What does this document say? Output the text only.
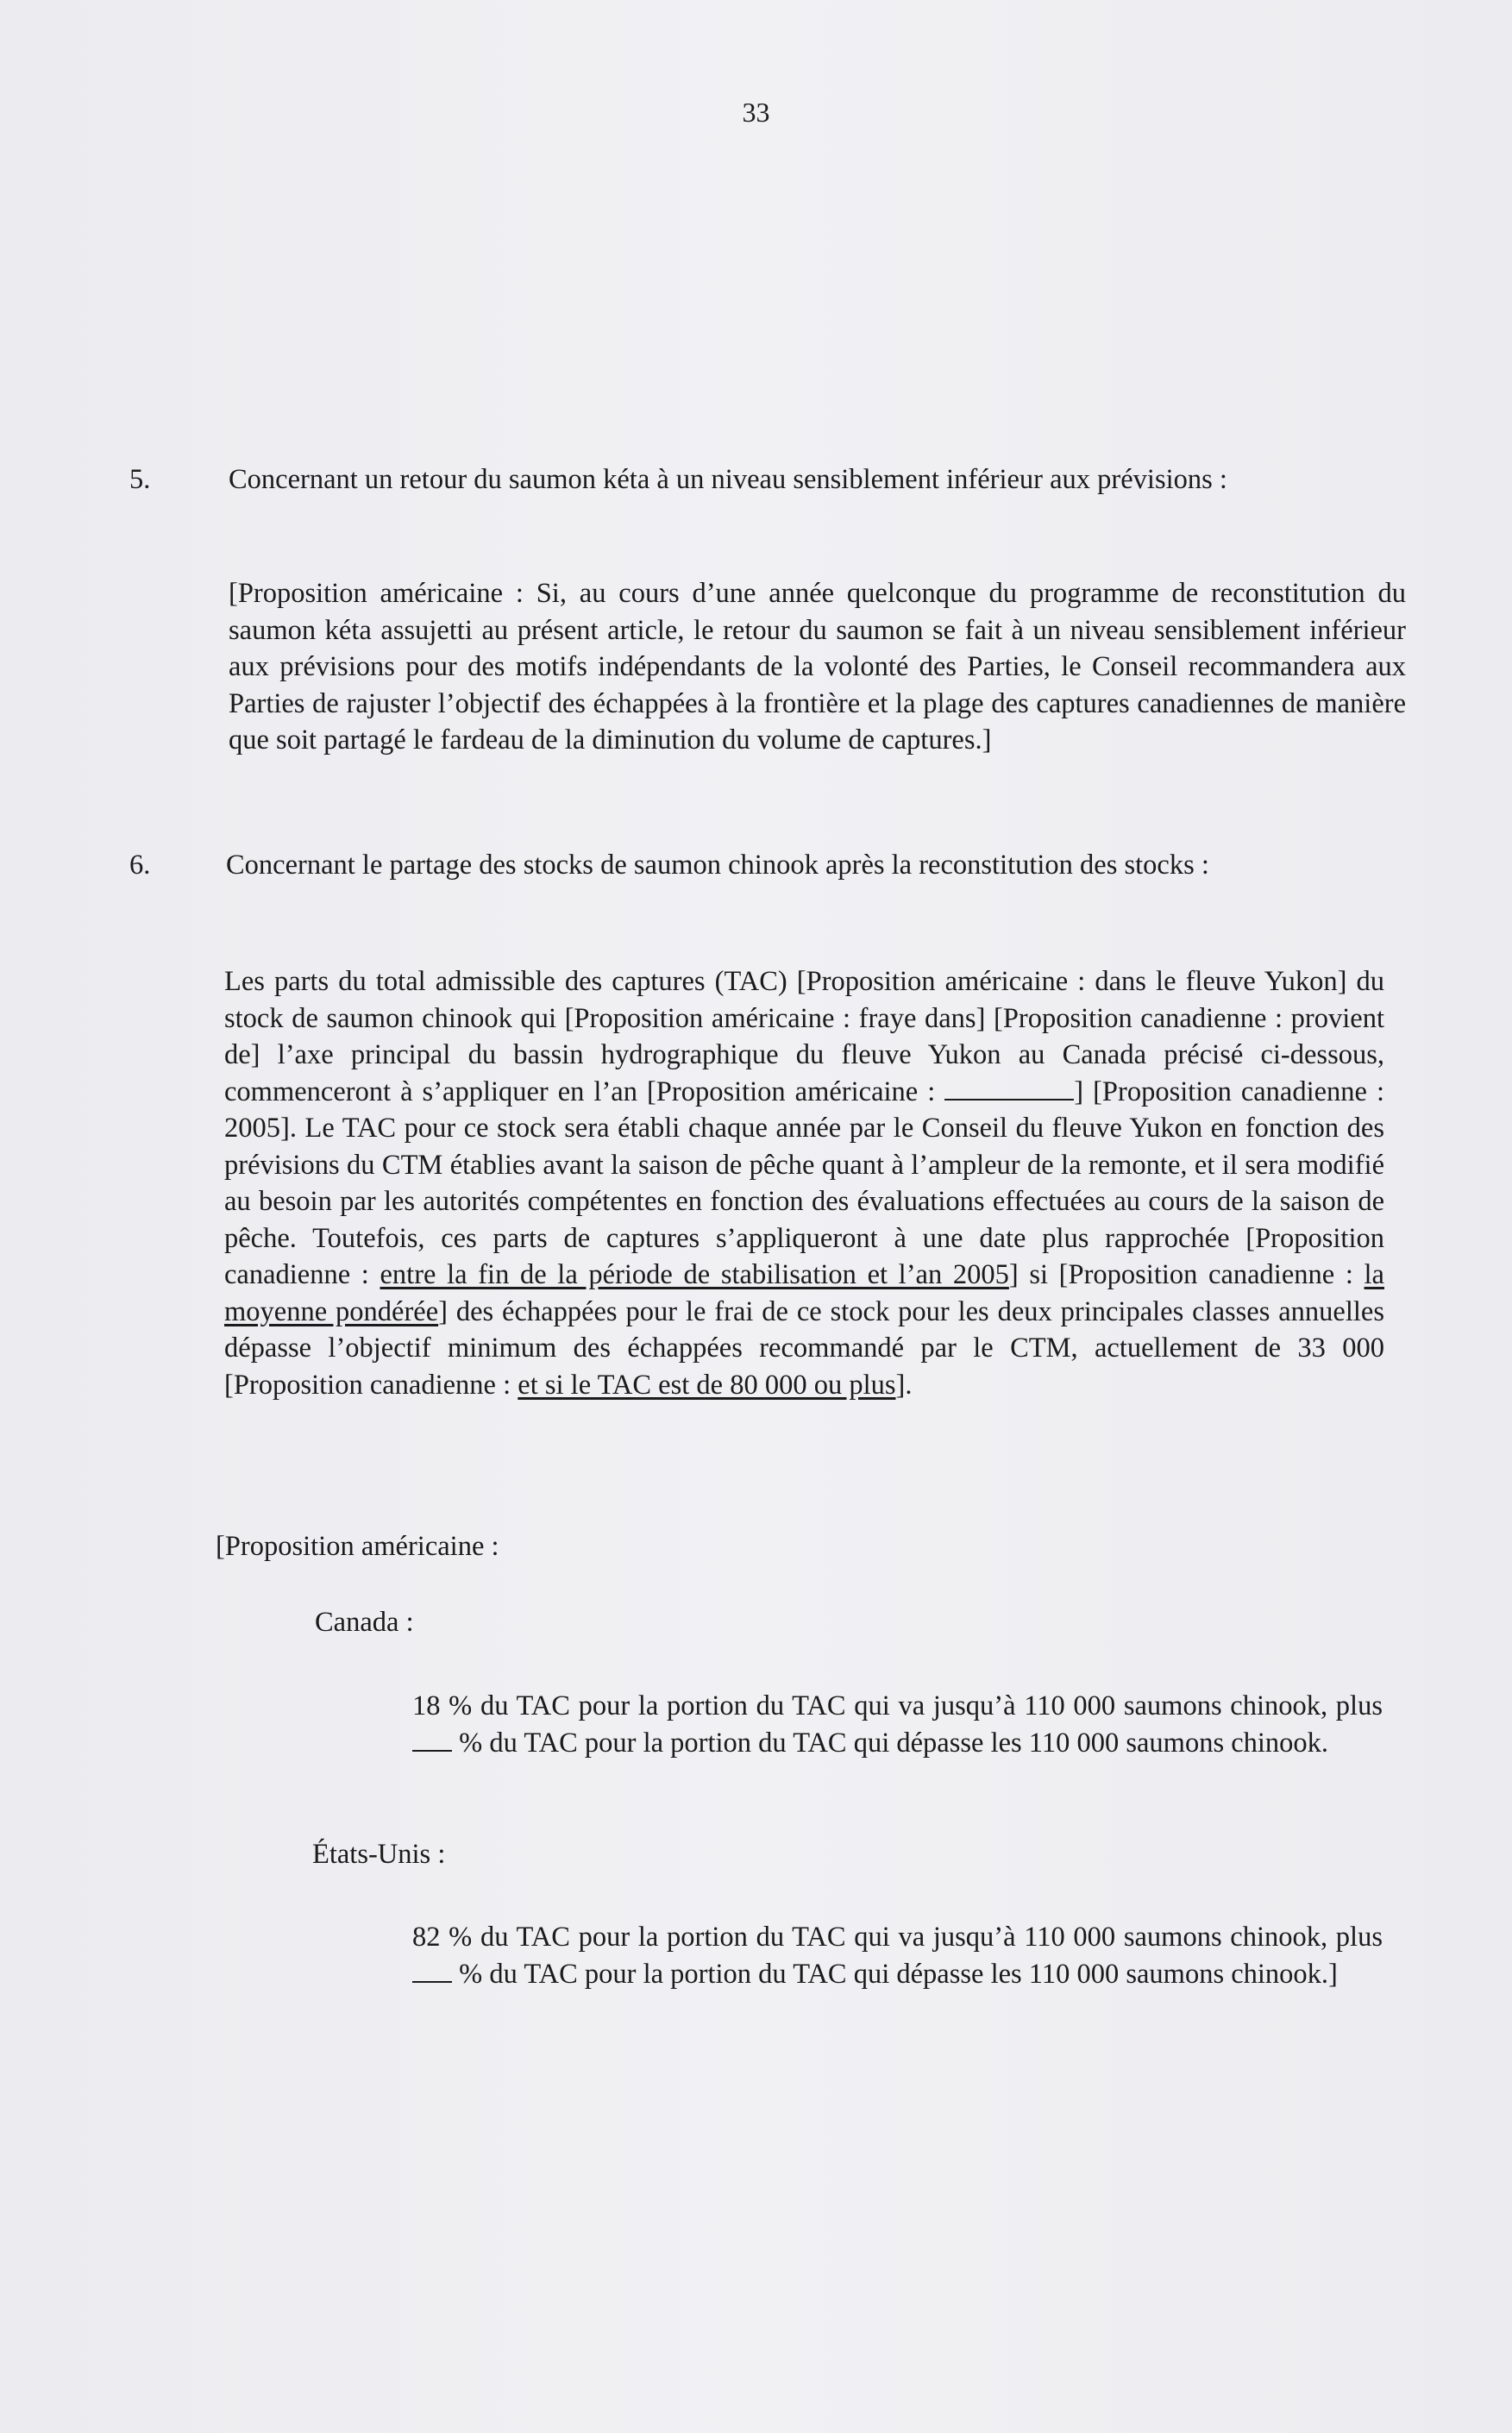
33
5.	Concernant un retour du saumon kéta à un niveau sensiblement inférieur aux prévisions :
[Proposition américaine : Si, au cours d’une année quelconque du programme de reconstitution du saumon kéta assujetti au présent article, le retour du saumon se fait à un niveau sensiblement inférieur aux prévisions pour des motifs indépendants de la volonté des Parties, le Conseil recommandera aux Parties de rajuster l’objectif des échappées à la frontière et la plage des captures canadiennes de manière que soit partagé le fardeau de la diminution du volume de captures.]
6.	Concernant le partage des stocks de saumon chinook après la reconstitution des stocks :
Les parts du total admissible des captures (TAC) [Proposition américaine : dans le fleuve Yukon] du stock de saumon chinook qui [Proposition américaine : fraye dans] [Proposition canadienne : provient de] l’axe principal du bassin hydrographique du fleuve Yukon au Canada précisé ci-dessous, commenceront à s’appliquer en l’an [Proposition américaine :	] [Proposition canadienne : 2005]. Le TAC pour ce stock sera établi chaque année par le Conseil du fleuve Yukon en fonction des prévisions du CTM établies avant la saison de pêche quant à l’ampleur de la remonte, et il sera modifié au besoin par les autorités compétentes en fonction des évaluations effectuées au cours de la saison de pêche. Toutefois, ces parts de captures s’appliqueront à une date plus rapprochée [Proposition canadienne : entre la fin de la période de stabilisation et l’an 2005] si [Proposition canadienne : la moyenne pondérée] des échappées pour le frai de ce stock pour les deux principales classes annuelles dépasse l’objectif minimum des échappées recommandé par le CTM, actuellement de 33 000 [Proposition canadienne : et si le TAC est de 80 000 ou plus].
[Proposition américaine :
Canada :
18 % du TAC pour la portion du TAC qui va jusqu’à 110 000 saumons chinook, plus  % du TAC pour la portion du TAC qui dépasse les 110 000 saumons chinook.
États-Unis :
82 % du TAC pour la portion du TAC qui va jusqu’à 110 000 saumons chinook, plus  % du TAC pour la portion du TAC qui dépasse les 110 000 saumons chinook.]
